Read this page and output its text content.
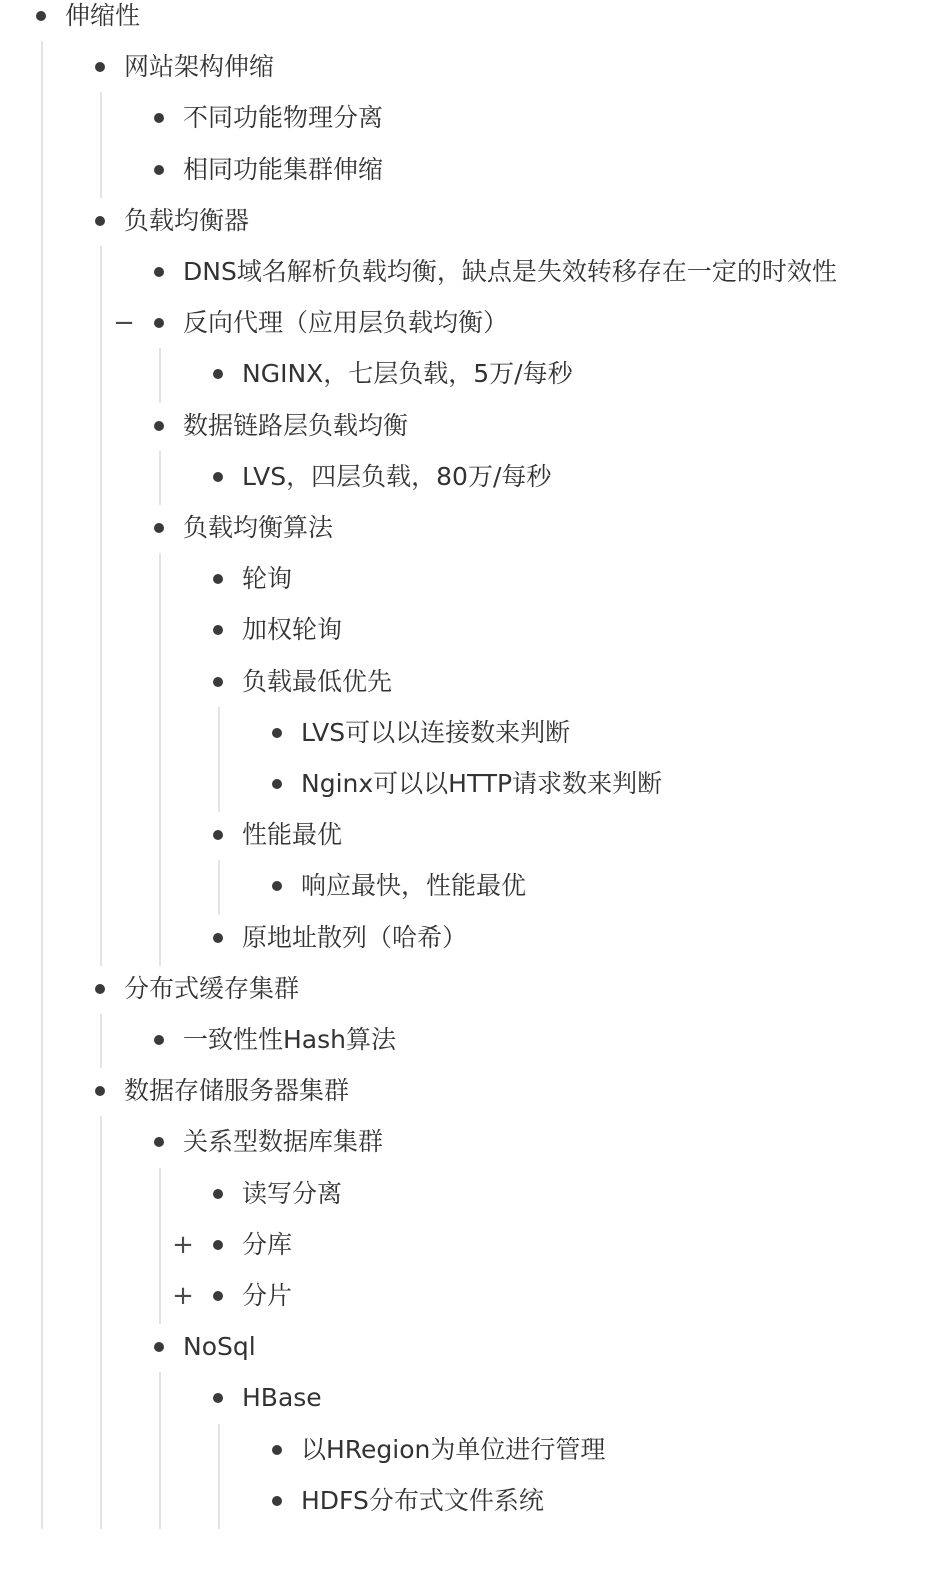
伸缩性
网站架构伸缩
不同功能物理分离
相同功能集群伸缩
负载均衡器
DNS域名解析负载均衡，缺点是失效转移存在一定的时效性
− 反向代理（应用层负载均衡）
NGINX，七层负载，5万/每秒
数据链路层负载均衡
LVS，四层负载，80万/每秒
负载均衡算法
轮询
加权轮询
负载最低优先
LVS可以以连接数来判断
Nginx可以以HTTP请求数来判断
性能最优
响应最快，性能最优
原地址散列（哈希）
分布式缓存集群
一致性性Hash算法
数据存储服务器集群
关系型数据库集群
读写分离
+ 分库
+ 分片
NoSql
HBase
以HRegion为单位进行管理
HDFS分布式文件系统
